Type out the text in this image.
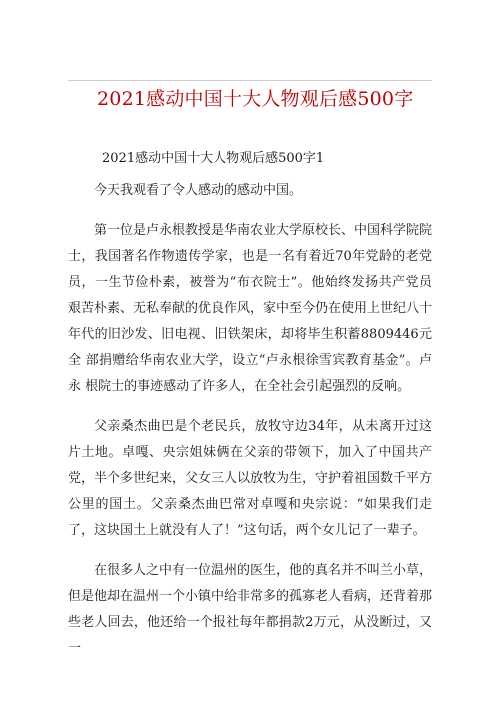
2021感动中国十大人物观后感500字

2021感动中国十大人物观后感500字1

今天我观看了令人感动的感动中国。

第一位是卢永根教授是华南农业大学原校长、中国科学院院士，我国著名作物遗传学家，也是一名有着近70年党龄的老党 员，一生节俭朴素，被誉为“布衣院士”。他始终发扬共产党员 艰苦朴素、无私奉献的优良作风，家中至今仍在使用上世纪八十 年代的旧沙发、旧电视、旧铁架床，却将毕生积蓄8809446元全 部捐赠给华南农业大学，设立“卢永根徐雪宾教育基金”。卢永 根院士的事迹感动了许多人，在全社会引起强烈的反响。

父亲桑杰曲巴是个老民兵，放牧守边34年，从未离开过这 片土地。卓嘎、央宗姐妹俩在父亲的带领下，加入了中国共产党，半个多世纪来，父女三人以放牧为生，守护着祖国数千平方公里的国土。父亲桑杰曲巴常对卓嘎和央宗说：“如果我们走了，这块国土上就没有人了！”这句话，两个女儿记了一辈子。

在很多人之中有一位温州的医生，他的真名并不叫兰小草，但是他却在温州一个小镇中给非常多的孤寡老人看病，还背着那些老人回去，他还给一个报社每年都捐款2万元，从没断过，又 一
